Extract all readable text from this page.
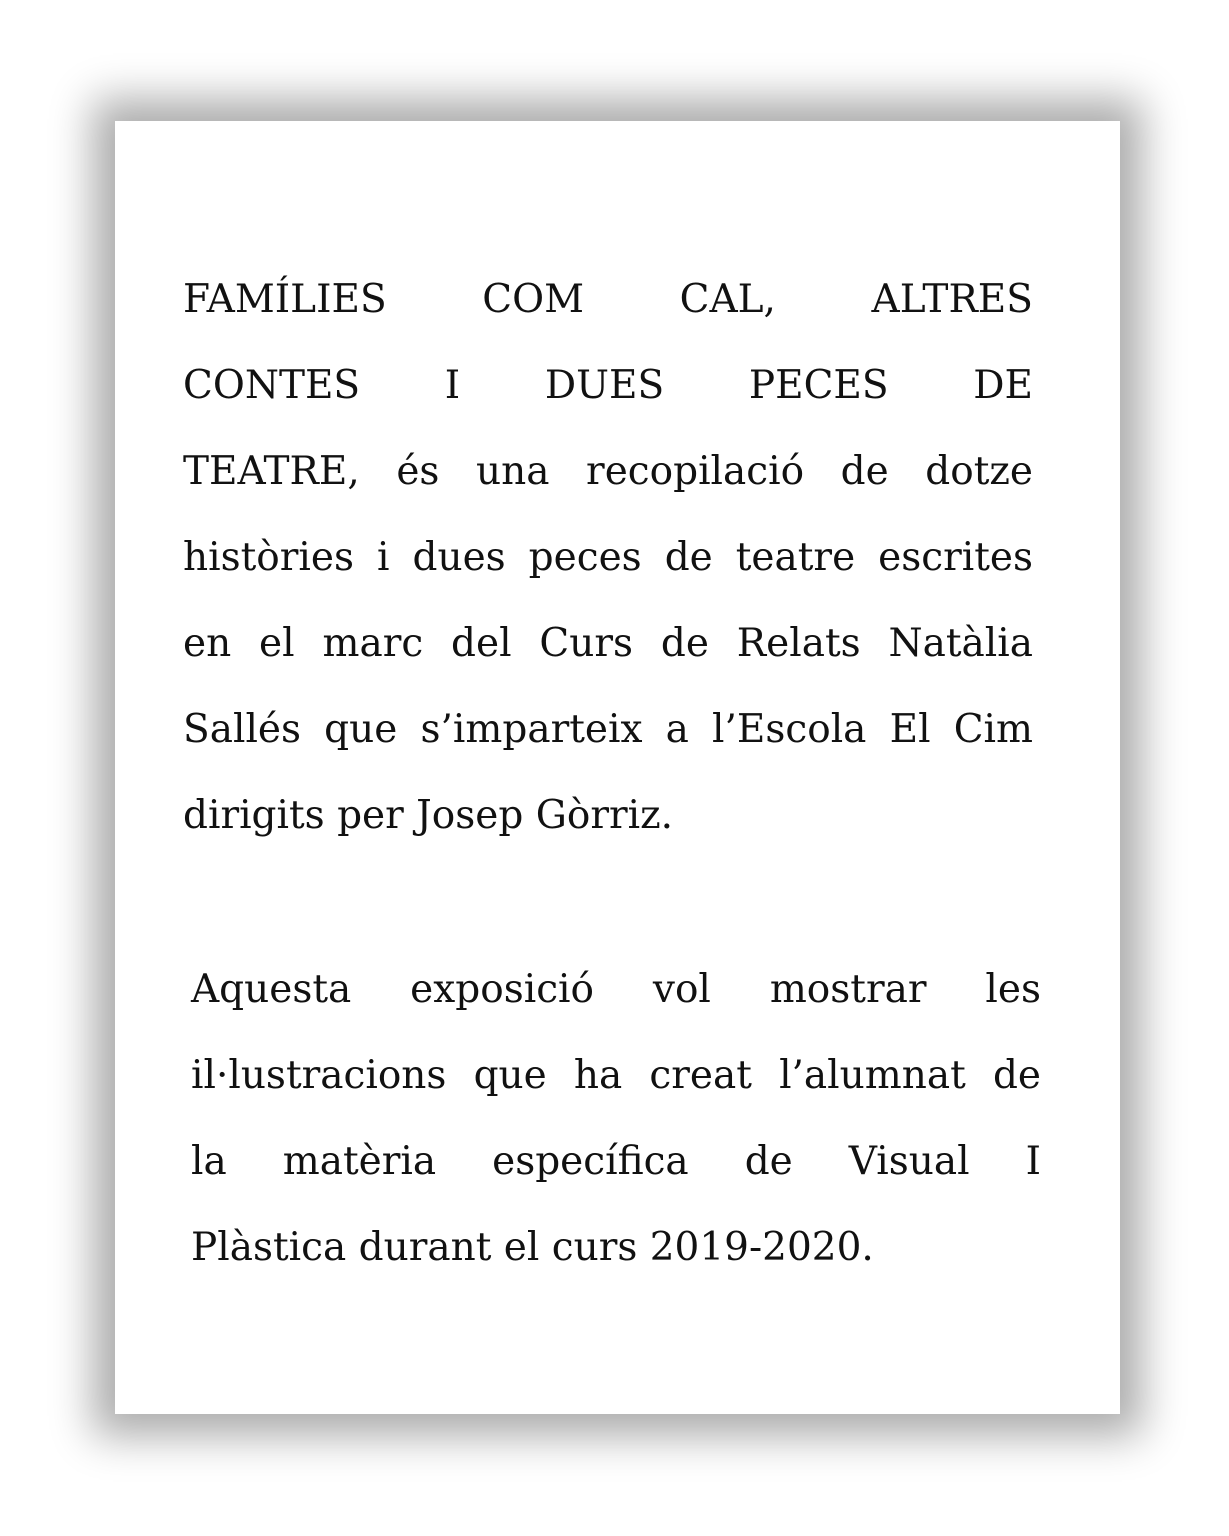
FAMÍLIES COM CAL, ALTRES
CONTES I DUES PECES DE
TEATRE, és una recopilació de dotze
històries i dues peces de teatre escrites
en el marc del Curs de Relats Natàlia
Sallés que s’imparteix a l’Escola El Cim
dirigits per Josep Gòrriz.
Aquesta exposició vol mostrar les
il·lustracions que ha creat l’alumnat de
la matèria específica de Visual I
Plàstica durant el curs 2019-2020.
